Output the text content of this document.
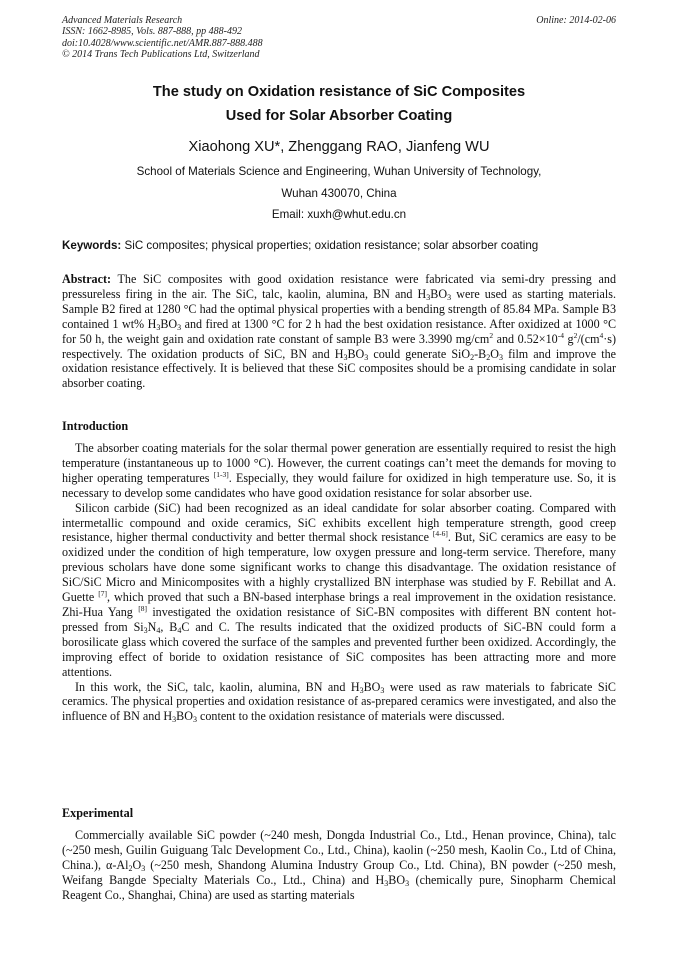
Advanced Materials Research
ISSN: 1662-8985, Vols. 887-888, pp 488-492
doi:10.4028/www.scientific.net/AMR.887-888.488
© 2014 Trans Tech Publications Ltd, Switzerland
Online: 2014-02-06
The study on Oxidation resistance of SiC Composites
Used for Solar Absorber Coating
Xiaohong XU*, Zhenggang RAO, Jianfeng WU
School of Materials Science and Engineering, Wuhan University of Technology,
Wuhan 430070, China
Email: xuxh@whut.edu.cn
Keywords: SiC composites; physical properties; oxidation resistance; solar absorber coating

Abstract: The SiC composites with good oxidation resistance were fabricated via semi-dry pressing and pressureless firing in the air. The SiC, talc, kaolin, alumina, BN and $H_3BO_3$ were used as starting materials. Sample B2 fired at 1280 °C had the optimal physical properties with a bending strength of 85.84 MPa. Sample B3 contained 1 wt% $H_3BO_3$ and fired at 1300 °C for 2 h had the best oxidation resistance. After oxidized at 1000 °C for 50 h, the weight gain and oxidation rate constant of sample B3 were 3.3990 $mg/cm^2$ and $0.52\times 10^{-4}$ $g^2/(cm^4\cdot s)$ respectively. The oxidation products of SiC, BN and $H_3BO_3$ could generate $SiO_2-B_2O_3$ film and improve the oxidation resistance effectively. It is believed that these SiC composites should be a promising candidate in solar absorber coating.

Introduction

The absorber coating materials for the solar thermal power generation are essentially required to resist the high temperature (instantaneous up to 1000 °C). However, the current coatings can’t meet the demands for moving to higher operating temperatures [1-3]. Especially, they would failure for oxidized in high temperature use. So, it is necessary to develop some candidates who have good oxidation resistance for solar absorber use.

Silicon carbide (SiC) had been recognized as an ideal candidate for solar absorber coating. Compared with intermetallic compound and oxide ceramics, SiC exhibits excellent high temperature strength, good creep resistance, higher thermal conductivity and better thermal shock resistance [4-6]. But, SiC ceramics are easy to be oxidized under the condition of high temperature, low oxygen pressure and long-term service. Therefore, many previous scholars have done some significant works to change this disadvantage. The oxidation resistance of SiC/SiC Micro and Minicomposites with a highly crystallized BN interphase was studied by F. Rebillat and A. Guette [7], which proved that such a BN-based interphase brings a real improvement in the oxidation resistance. Zhi-Hua Yang [8] investigated the oxidation resistance of SiC-BN composites with different BN content hot-pressed from $Si_3N_4$, $B_4C$ and C. The results indicated that the oxidized products of SiC-BN could form a borosilicate glass which covered the surface of the samples and prevented further been oxidized. Accordingly, the improving effect of boride to oxidation resistance of SiC composites has been attracting more and more attentions.

In this work, the SiC, talc, kaolin, alumina, BN and $H_3BO_3$ were used as raw materials to fabricate SiC ceramics. The physical properties and oxidation resistance of as-prepared ceramics were investigated, and also the influence of BN and $H_3BO_3$ content to the oxidation resistance of materials were discussed.

Experimental

Commercially available SiC powder (~240 mesh, Dongda Industrial Co., Ltd., Henan province, China), talc (~250 mesh, Guilin Guiguang Talc Development Co., Ltd., China), kaolin (~250 mesh, Kaolin Co., Ltd of China, China.), $\alpha-Al_2O_3$ (~250 mesh, Shandong Alumina Industry Group Co., Ltd. China), BN powder (~250 mesh, Weifang Bangde Specialty Materials Co., Ltd., China) and $H_3BO_3$ (chemically pure, Sinopharm Chemical Reagent Co., Shanghai, China) are used as starting materials
